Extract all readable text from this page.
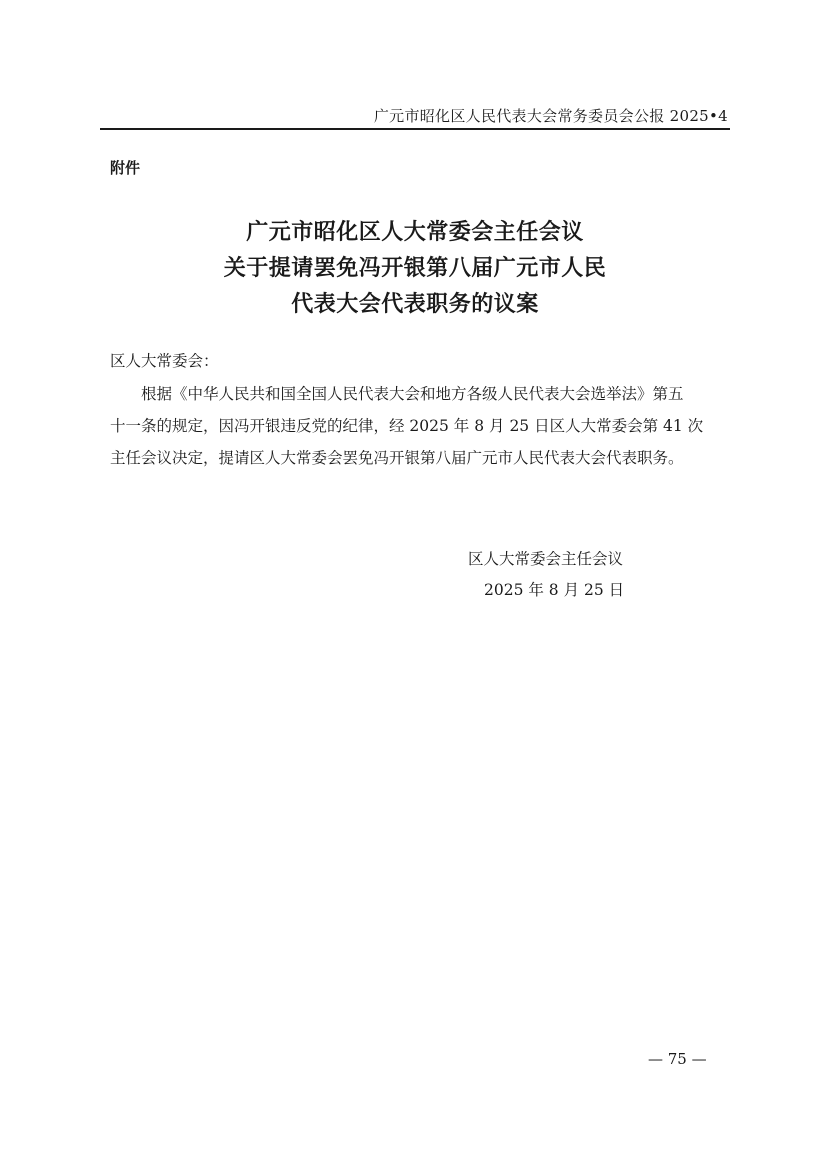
广元市昭化区人民代表大会常务委员会公报 2025•4
附件
广元市昭化区人大常委会主任会议
关于提请罢免冯开银第八届广元市人民
代表大会代表职务的议案
区人大常委会：
根据《中华人民共和国全国人民代表大会和地方各级人民代表大会选举法》第五
十一条的规定，因冯开银违反党的纪律，经 2025 年 8 月 25 日区人大常委会第 41 次
主任会议决定，提请区人大常委会罢免冯开银第八届广元市人民代表大会代表职务。
区人大常委会主任会议
2025 年 8 月 25 日
— 75 —
